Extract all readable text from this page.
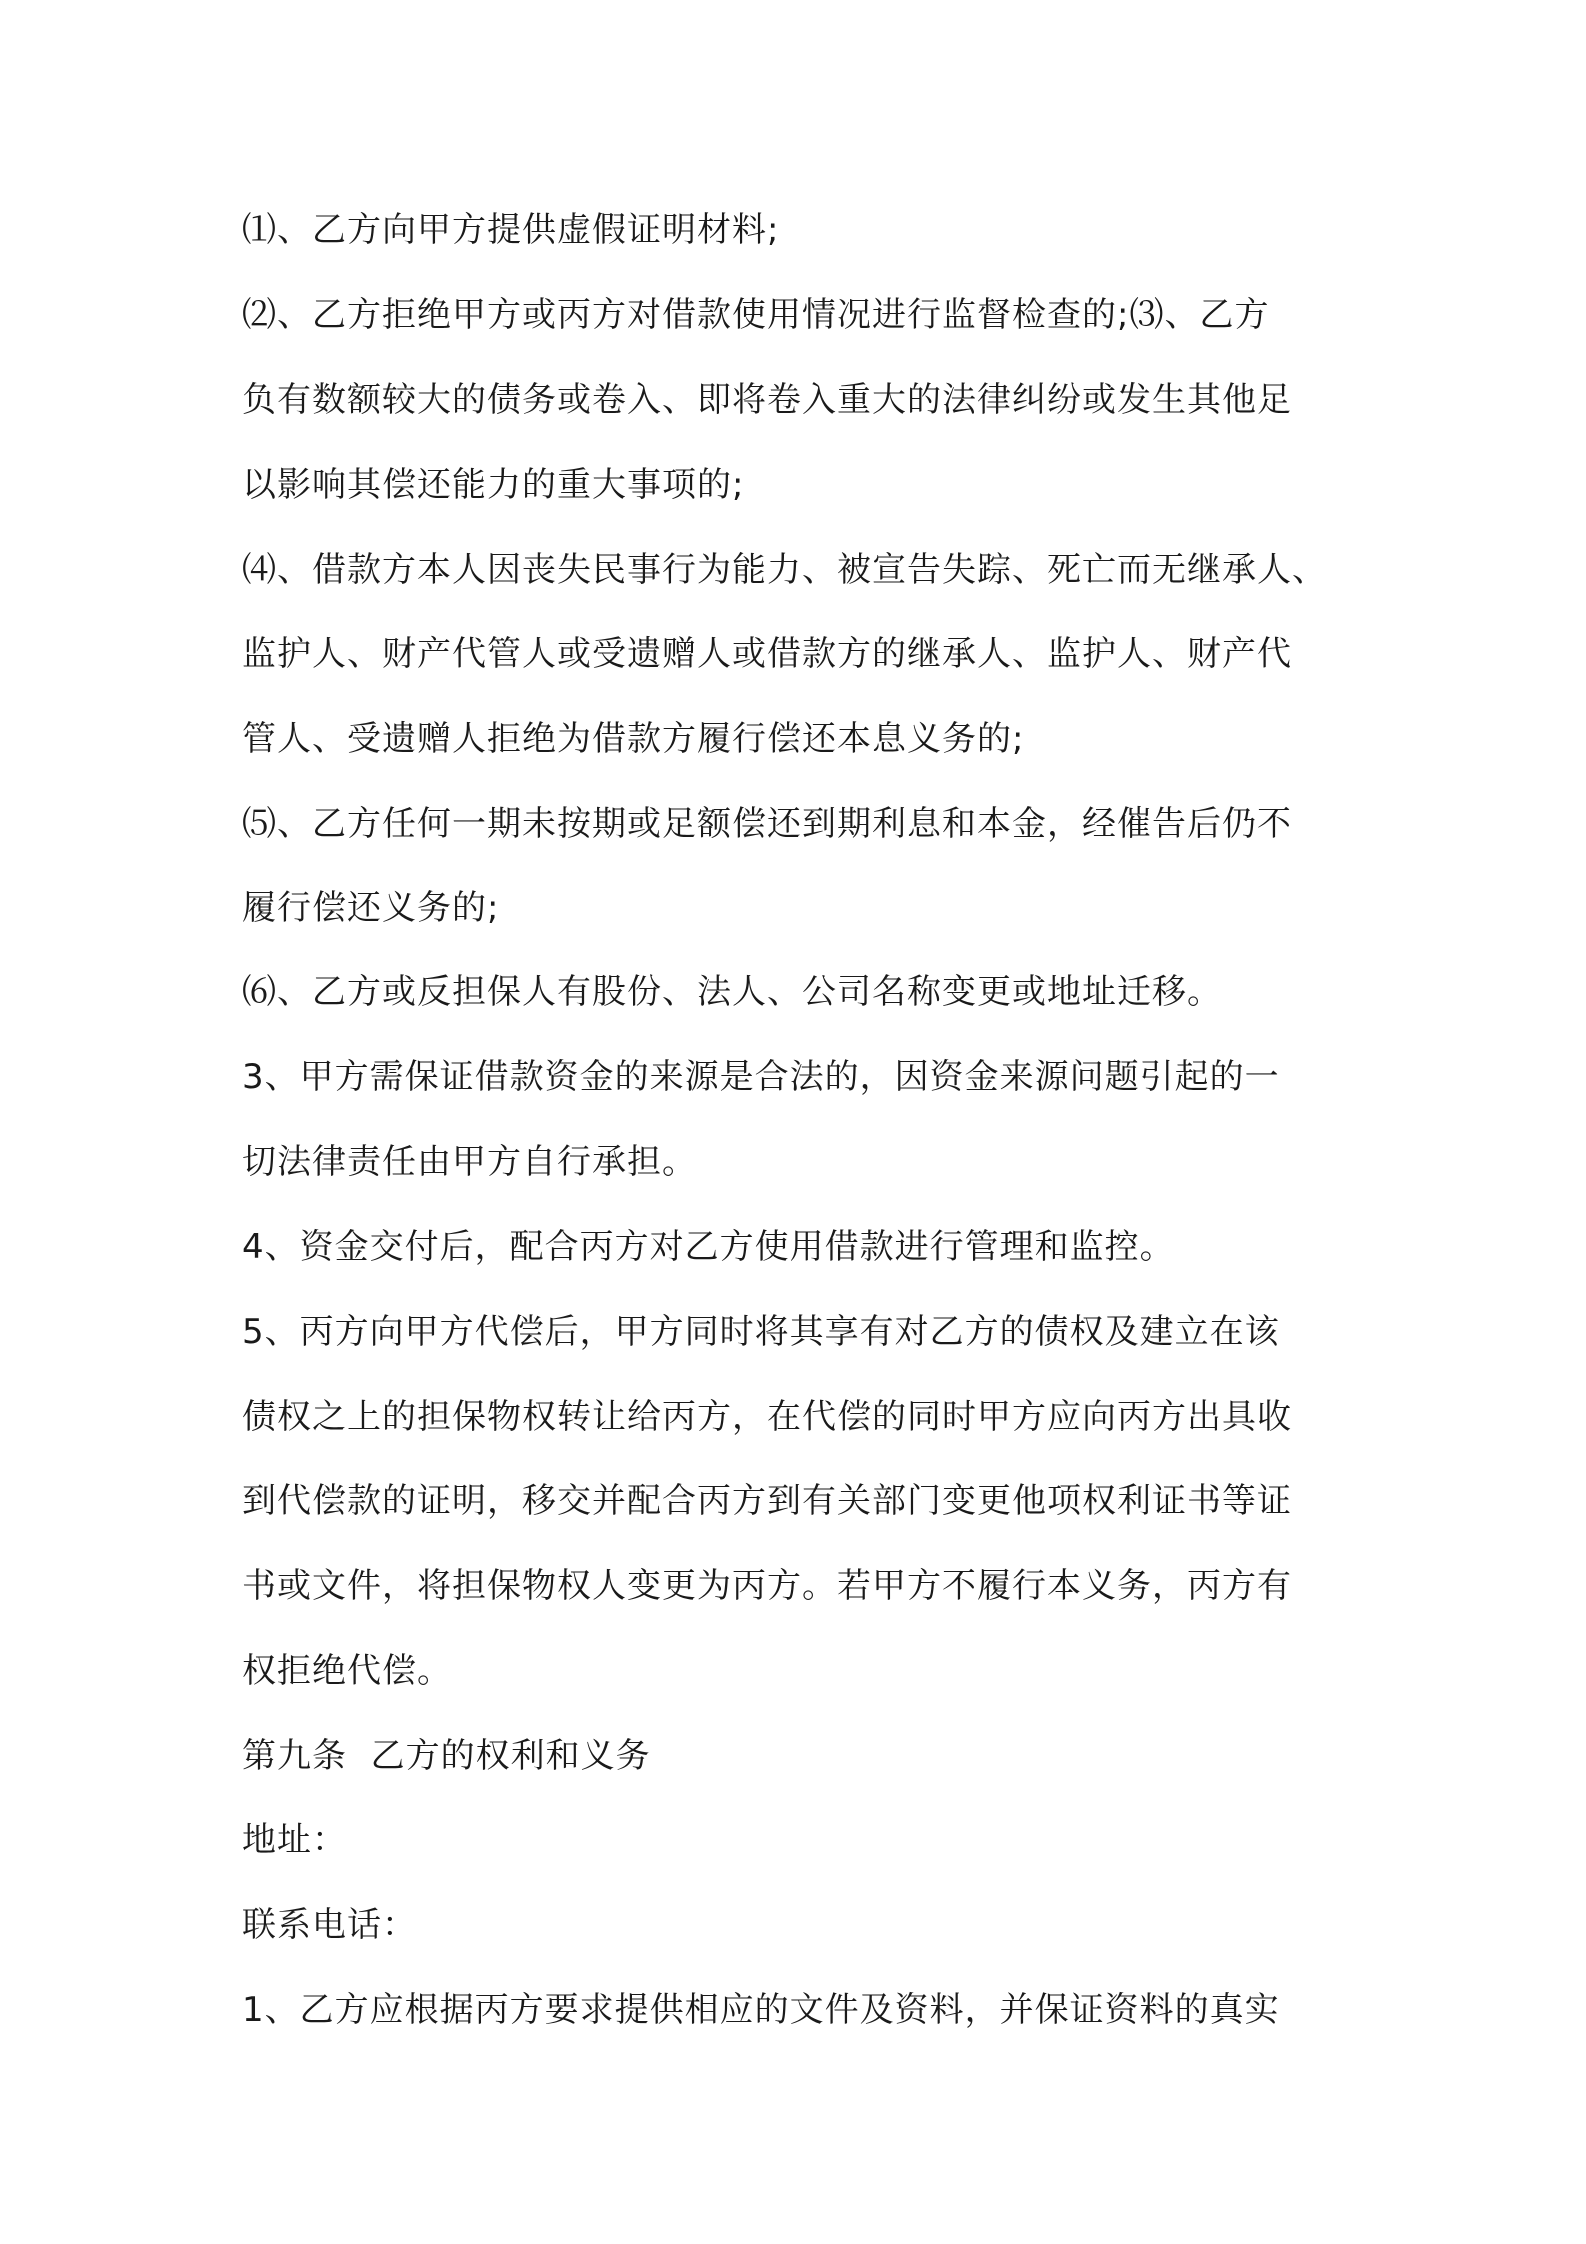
⑴、乙方向甲方提供虚假证明材料;
⑵、乙方拒绝甲方或丙方对借款使用情况进行监督检查的;⑶、乙方
负有数额较大的债务或卷入、即将卷入重大的法律纠纷或发生其他足
以影响其偿还能力的重大事项的;
⑷、借款方本人因丧失民事行为能力、被宣告失踪、死亡而无继承人、
监护人、财产代管人或受遗赠人或借款方的继承人、监护人、财产代
管人、受遗赠人拒绝为借款方履行偿还本息义务的;
⑸、乙方任何一期未按期或足额偿还到期利息和本金，经催告后仍不
履行偿还义务的;
⑹、乙方或反担保人有股份、法人、公司名称变更或地址迁移。
3、甲方需保证借款资金的来源是合法的，因资金来源问题引起的一
切法律责任由甲方自行承担。
4、资金交付后，配合丙方对乙方使用借款进行管理和监控。
5、丙方向甲方代偿后，甲方同时将其享有对乙方的债权及建立在该
债权之上的担保物权转让给丙方，在代偿的同时甲方应向丙方出具收
到代偿款的证明，移交并配合丙方到有关部门变更他项权利证书等证
书或文件，将担保物权人变更为丙方。若甲方不履行本义务，丙方有
权拒绝代偿。
第九条  乙方的权利和义务
地址：
联系电话：
1、乙方应根据丙方要求提供相应的文件及资料，并保证资料的真实
